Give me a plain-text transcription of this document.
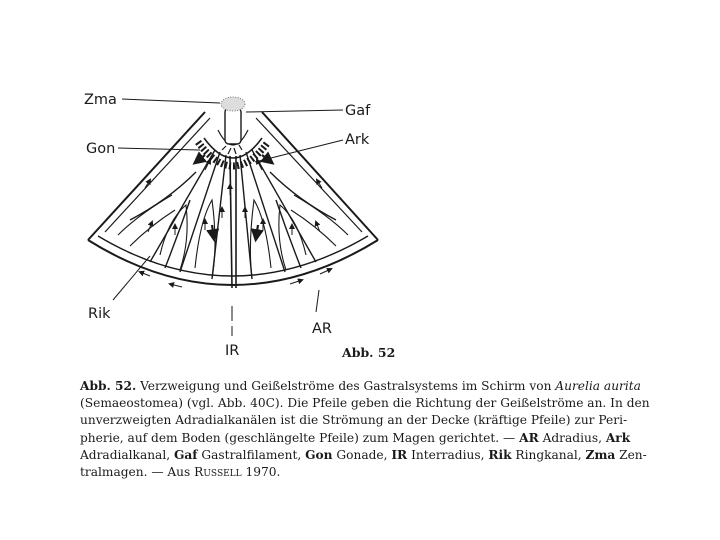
Zma
Gaf
Ark
Gon
Rik
AR
IR	Abb. 52
Abb. 52. Verzweigung und Geißelströme des Gastralsystems im Schirm von Aurelia aurita
(Semaeostomea) (vgl. Abb. 40C). Die Pfeile geben die Richtung der Geißelströme an. In den
unverzweigten Adradialkanälen ist die Strömung an der Decke (kräftige Pfeile) zur Peri-
pherie, auf dem Boden (geschlängelte Pfeile) zum Magen gerichtet. — AR Adradius, Ark
Adradialkanal, Gaf Gastralfilament, Gon Gonade, IR Interradius, Rik Ringkanal, Zma Zen-
tralmagen. — Aus Russell 1970.
